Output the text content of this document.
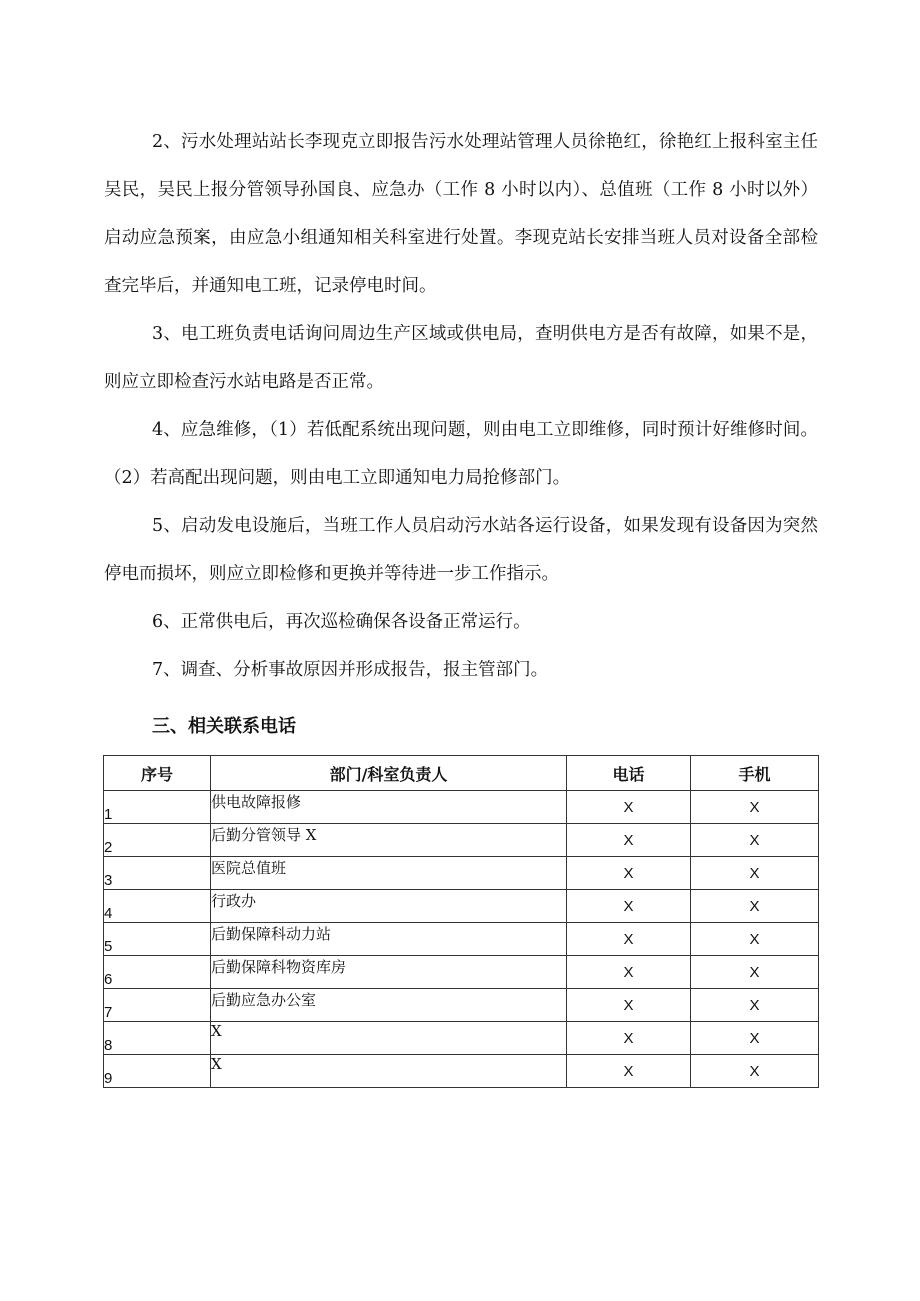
2、污水处理站站长李现克立即报告污水处理站管理人员徐艳红，徐艳红上报科室主任吴民，吴民上报分管领导孙国良、应急办（工作 8 小时以内）、总值班（工作 8 小时以外）启动应急预案，由应急小组通知相关科室进行处置。李现克站长安排当班人员对设备全部检查完毕后，并通知电工班，记录停电时间。

3、电工班负责电话询问周边生产区域或供电局，查明供电方是否有故障，如果不是，则应立即检查污水站电路是否正常。

4、应急维修，（1）若低配系统出现问题，则由电工立即维修，同时预计好维修时间。（2）若高配出现问题，则由电工立即通知电力局抢修部门。

5、启动发电设施后，当班工作人员启动污水站各运行设备，如果发现有设备因为突然停电而损坏，则应立即检修和更换并等待进一步工作指示。

6、正常供电后，再次巡检确保各设备正常运行。

7、调查、分析事故原因并形成报告，报主管部门。

三、相关联系电话
序号	部门/科室负责人	电话	手机
1	供电故障报修	X	X
2	后勤分管领导 X	X	X
3	医院总值班	X	X
4	行政办	X	X
5	后勤保障科动力站	X	X
6	后勤保障科物资库房	X	X
7	后勤应急办公室	X	X
8	X	X	X
9	X	X	X
